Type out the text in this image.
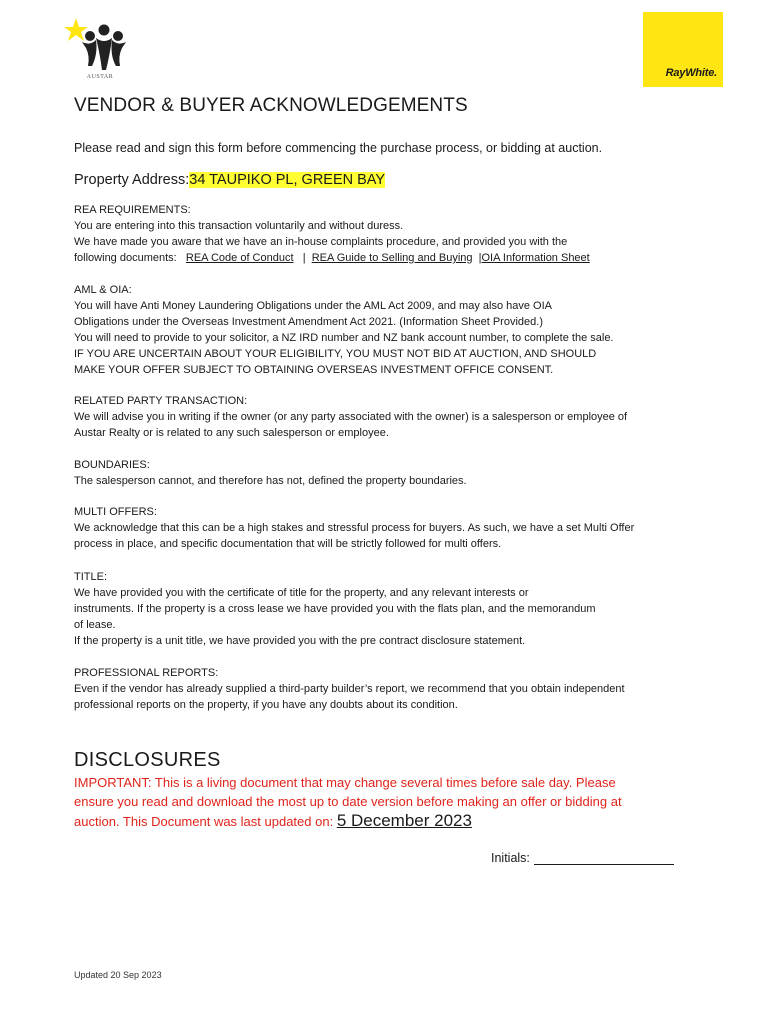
AUSTAR	RayWhite.
VENDOR & BUYER ACKNOWLEDGEMENTS
Please read and sign this form before commencing the purchase process, or bidding at auction.
Property Address:34 TAUPIKO PL, GREEN BAY
REA REQUIREMENTS:
You are entering into this transaction voluntarily and without duress.
We have made you aware that we have an in-house complaints procedure, and provided you with the
following documents: REA Code of Conduct | REA Guide to Selling and Buying |OIA Information Sheet
AML & OIA:
You will have Anti Money Laundering Obligations under the AML Act 2009, and may also have OIA
Obligations under the Overseas Investment Amendment Act 2021. (Information Sheet Provided.)
You will need to provide to your solicitor, a NZ IRD number and NZ bank account number, to complete the sale.
IF YOU ARE UNCERTAIN ABOUT YOUR ELIGIBILITY, YOU MUST NOT BID AT AUCTION, AND SHOULD
MAKE YOUR OFFER SUBJECT TO OBTAINING OVERSEAS INVESTMENT OFFICE CONSENT.
RELATED PARTY TRANSACTION:
We will advise you in writing if the owner (or any party associated with the owner) is a salesperson or employee of
Austar Realty or is related to any such salesperson or employee.
BOUNDARIES:
The salesperson cannot, and therefore has not, defined the property boundaries.
MULTI OFFERS:
We acknowledge that this can be a high stakes and stressful process for buyers. As such, we have a set Multi Offer
process in place, and specific documentation that will be strictly followed for multi offers.
TITLE:
We have provided you with the certificate of title for the property, and any relevant interests or
instruments. If the property is a cross lease we have provided you with the flats plan, and the memorandum
of lease.
If the property is a unit title, we have provided you with the pre contract disclosure statement.
PROFESSIONAL REPORTS:
Even if the vendor has already supplied a third-party builder’s report, we recommend that you obtain independent
professional reports on the property, if you have any doubts about its condition.
DISCLOSURES
IMPORTANT: This is a living document that may change several times before sale day. Please
ensure you read and download the most up to date version before making an offer or bidding at
auction. This Document was last updated on: 5 December 2023
Initials:
Updated 20 Sep 2023
